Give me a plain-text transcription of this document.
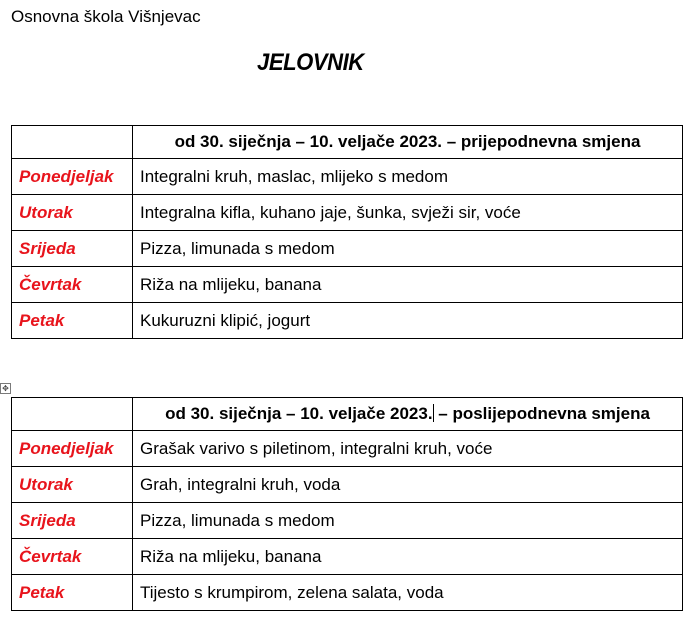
Osnovna škola Višnjevac
JELOVNIK
	od 30. siječnja – 10. veljače 2023. – prijepodnevna smjena
Ponedjeljak	Integralni kruh, maslac, mlijeko s medom
Utorak	Integralna kifla, kuhano jaje, šunka, svježi sir, voće
Srijeda	Pizza, limunada s medom
Čevrtak	Riža na mlijeku, banana
Petak	Kukuruzni klipić, jogurt
✥
	od 30. siječnja – 10. veljače 2023. – poslijepodnevna smjena
Ponedjeljak	Grašak varivo s piletinom, integralni kruh, voće
Utorak	Grah, integralni kruh, voda
Srijeda	Pizza, limunada s medom
Čevrtak	Riža na mlijeku, banana
Petak	Tijesto s krumpirom, zelena salata, voda
